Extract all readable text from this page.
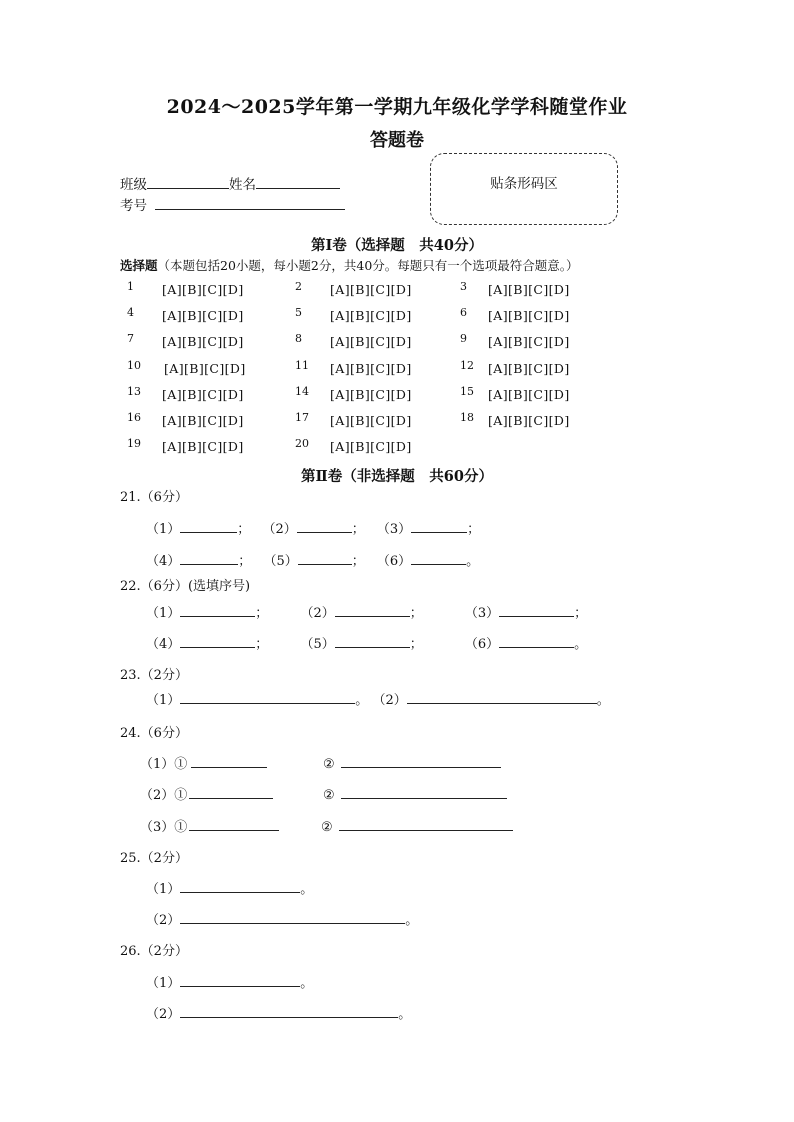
2024～2025学年第一学期九年级化学学科随堂作业
答题卷
班级	姓名
考号
贴条形码区
第Ⅰ卷（选择题　共40分）
选择题（本题包括20小题，每小题2分，共40分。每题只有一个选项最符合题意。）
1 [A][B][C][D]	2 [A][B][C][D]	3 [A][B][C][D]
4 [A][B][C][D]	5 [A][B][C][D]	6 [A][B][C][D]
7 [A][B][C][D]	8 [A][B][C][D]	9 [A][B][C][D]
10 [A][B][C][D]	11 [A][B][C][D]	12 [A][B][C][D]
13 [A][B][C][D]	14 [A][B][C][D]	15 [A][B][C][D]
16 [A][B][C][D]	17 [A][B][C][D]	18 [A][B][C][D]
19 [A][B][C][D]	20 [A][B][C][D]
第Ⅱ卷（非选择题　共60分）
21.（6分）
（1）	； （2）	； （3）	；
（4）	； （5）	； （6）	。
22.（6分）(选填序号)
（1）	； （2）	；	（3）	；
（4）	； （5）	；	（6）	。
23.（2分）
（1）	。 （2）	。
24.（6分）
（1）①	②
（2）①	②
（3）①	②
25.（2分）
（1）	。
（2）	。
26.（2分）
（1）	。
（2）	。
